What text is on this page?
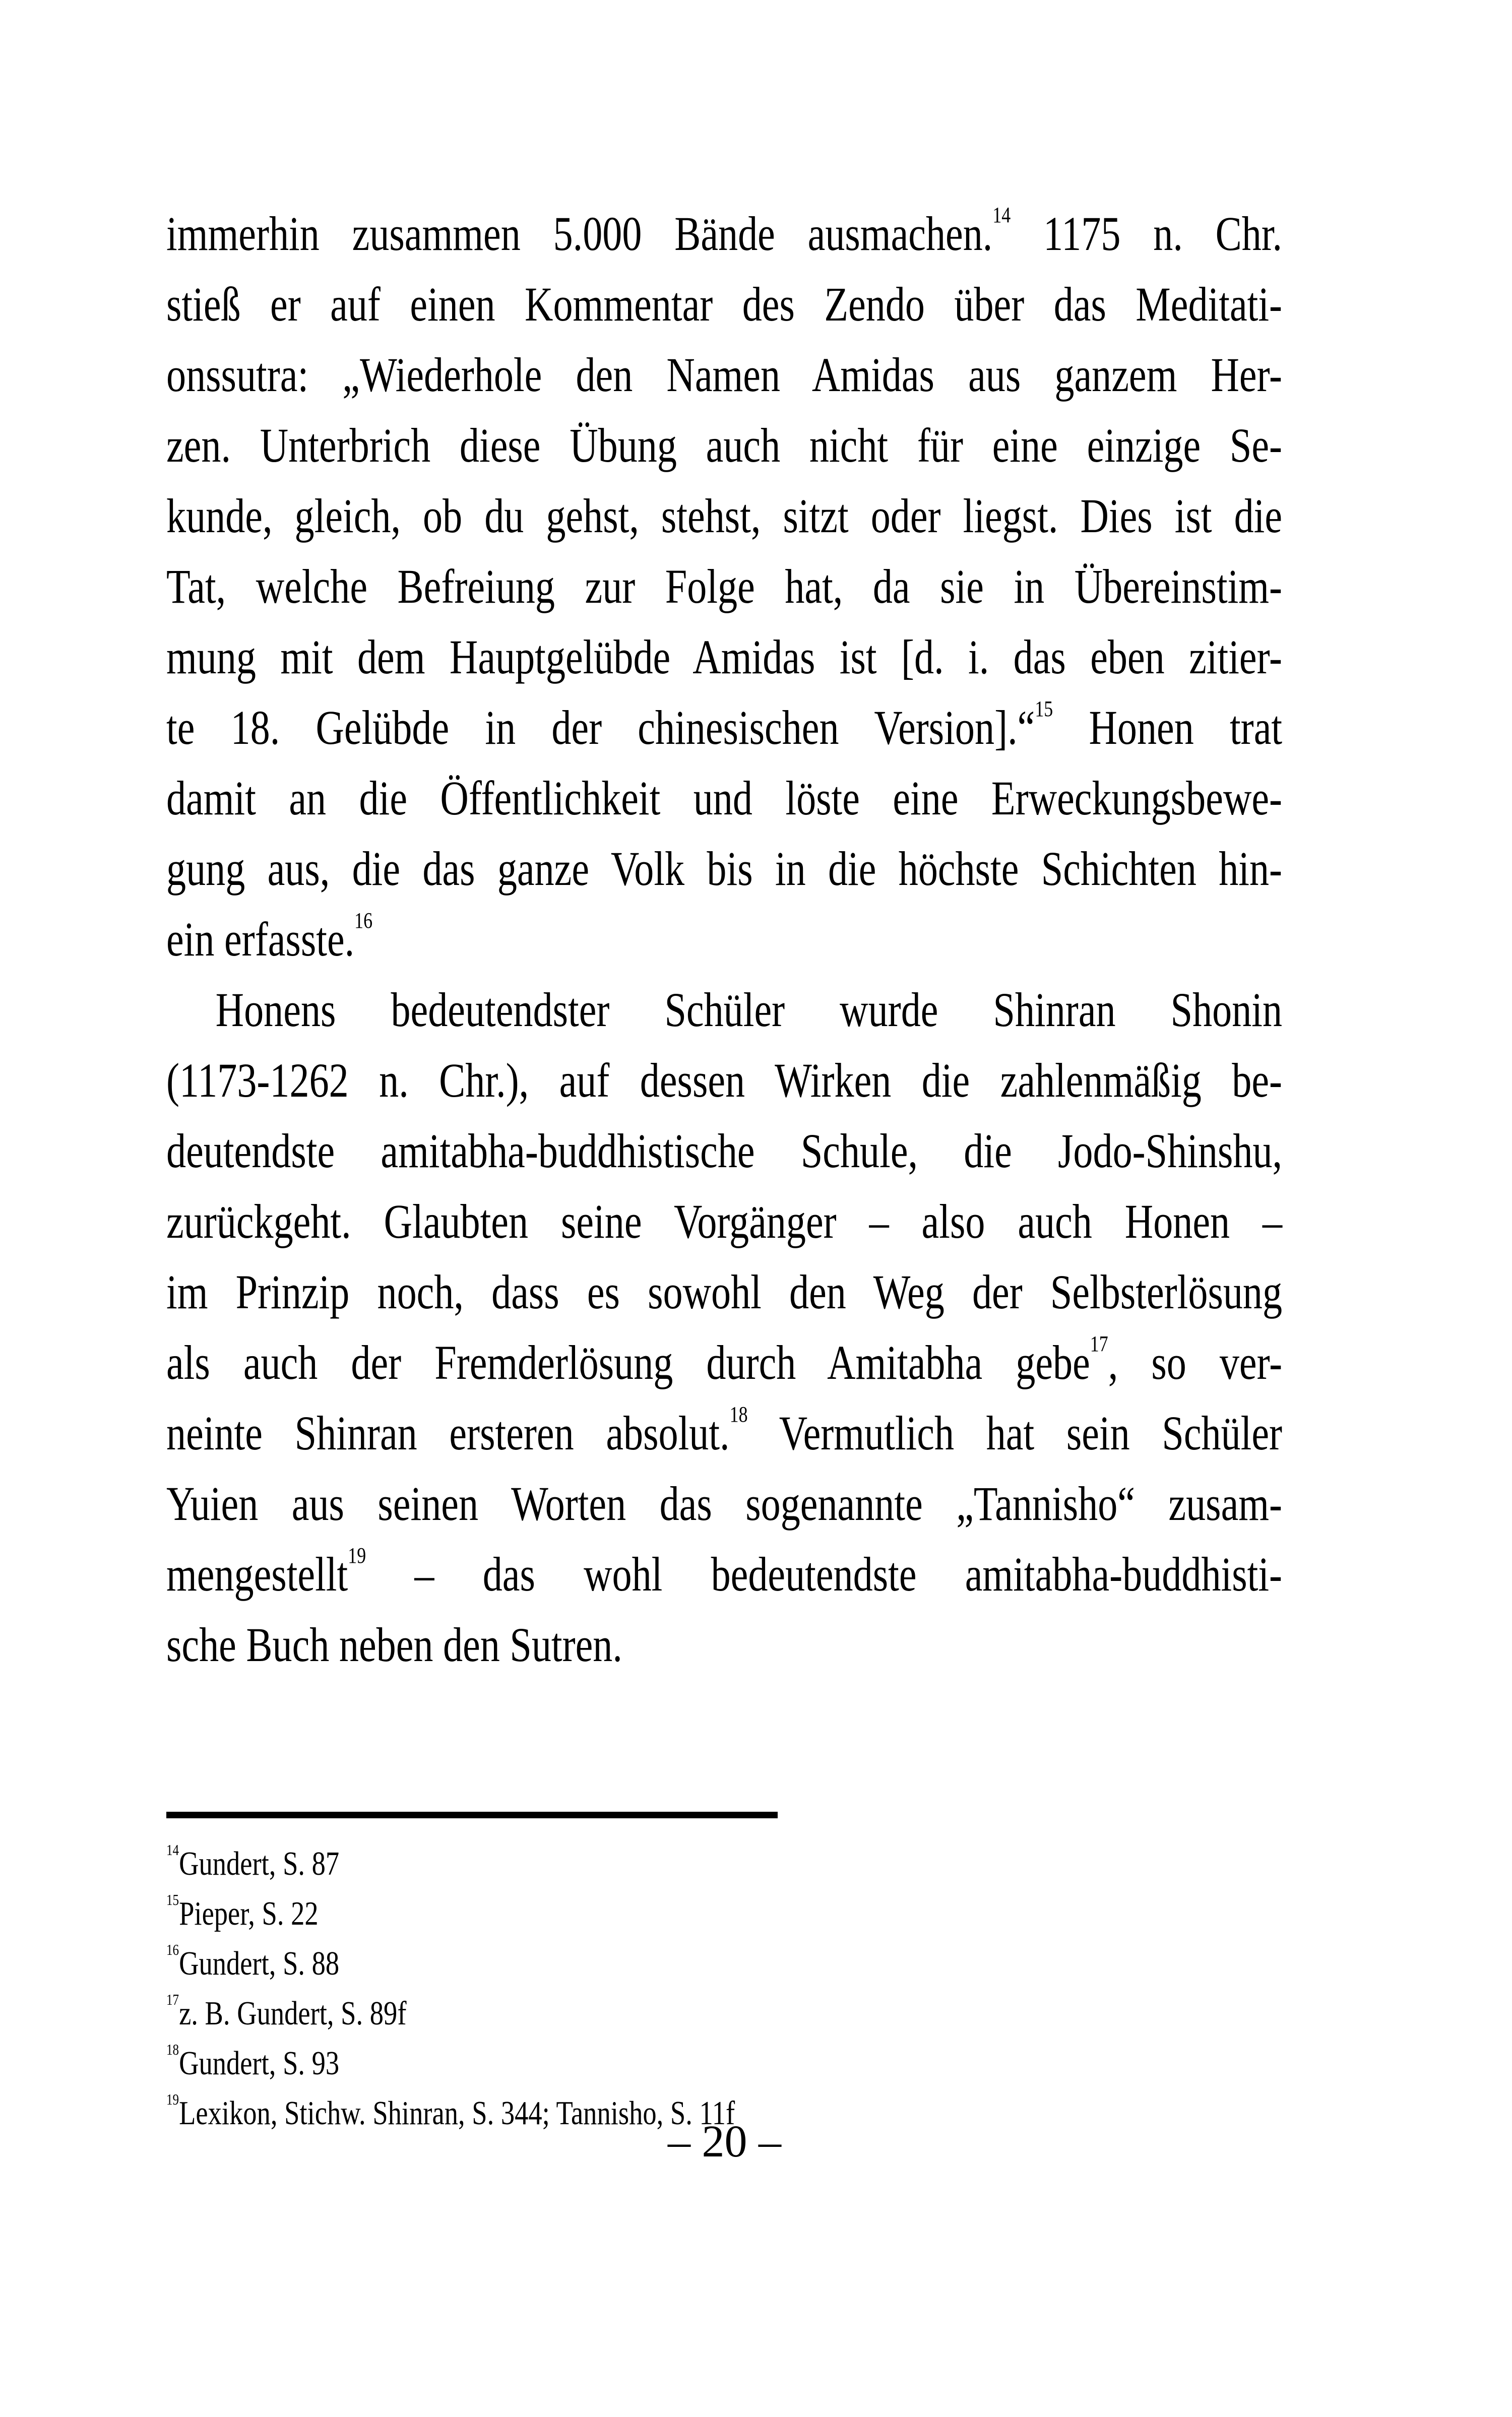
immerhin zusammen 5.000 Bände ausmachen.$^{14}$ 1175 n. Chr.
stieß er auf einen Kommentar des Zendo über das Meditati-
onssutra: „Wiederhole den Namen Amidas aus ganzem Her-
zen. Unterbrich diese Übung auch nicht für eine einzige Se-
kunde, gleich, ob du gehst, stehst, sitzt oder liegst. Dies ist die
Tat, welche Befreiung zur Folge hat, da sie in Übereinstim-
mung mit dem Hauptgelübde Amidas ist [d. i. das eben zitier-
te 18. Gelübde in der chinesischen Version].“$^{15}$ Honen trat
damit an die Öffentlichkeit und löste eine Erweckungsbewe-
gung aus, die das ganze Volk bis in die höchste Schichten hin-
ein erfasste.$^{16}$
Honens bedeutendster Schüler wurde Shinran Shonin
(1173-1262 n. Chr.), auf dessen Wirken die zahlenmäßig be-
deutendste amitabha-buddhistische Schule, die Jodo-Shinshu,
zurückgeht. Glaubten seine Vorgänger – also auch Honen –
im Prinzip noch, dass es sowohl den Weg der Selbsterlösung
als auch der Fremderlösung durch Amitabha gebe$^{17}$, so ver-
neinte Shinran ersteren absolut.$^{18}$ Vermutlich hat sein Schüler
Yuien aus seinen Worten das sogenannte „Tannisho“ zusam-
mengestellt$^{19}$ – das wohl bedeutendste amitabha-buddhisti-
sche Buch neben den Sutren.
$^{14}$Gundert, S. 87
$^{15}$Pieper, S. 22
$^{16}$Gundert, S. 88
$^{17}$z. B. Gundert, S. 89f
$^{18}$Gundert, S. 93
$^{19}$Lexikon, Stichw. Shinran, S. 344; Tannisho, S. 11f
– 20 –
